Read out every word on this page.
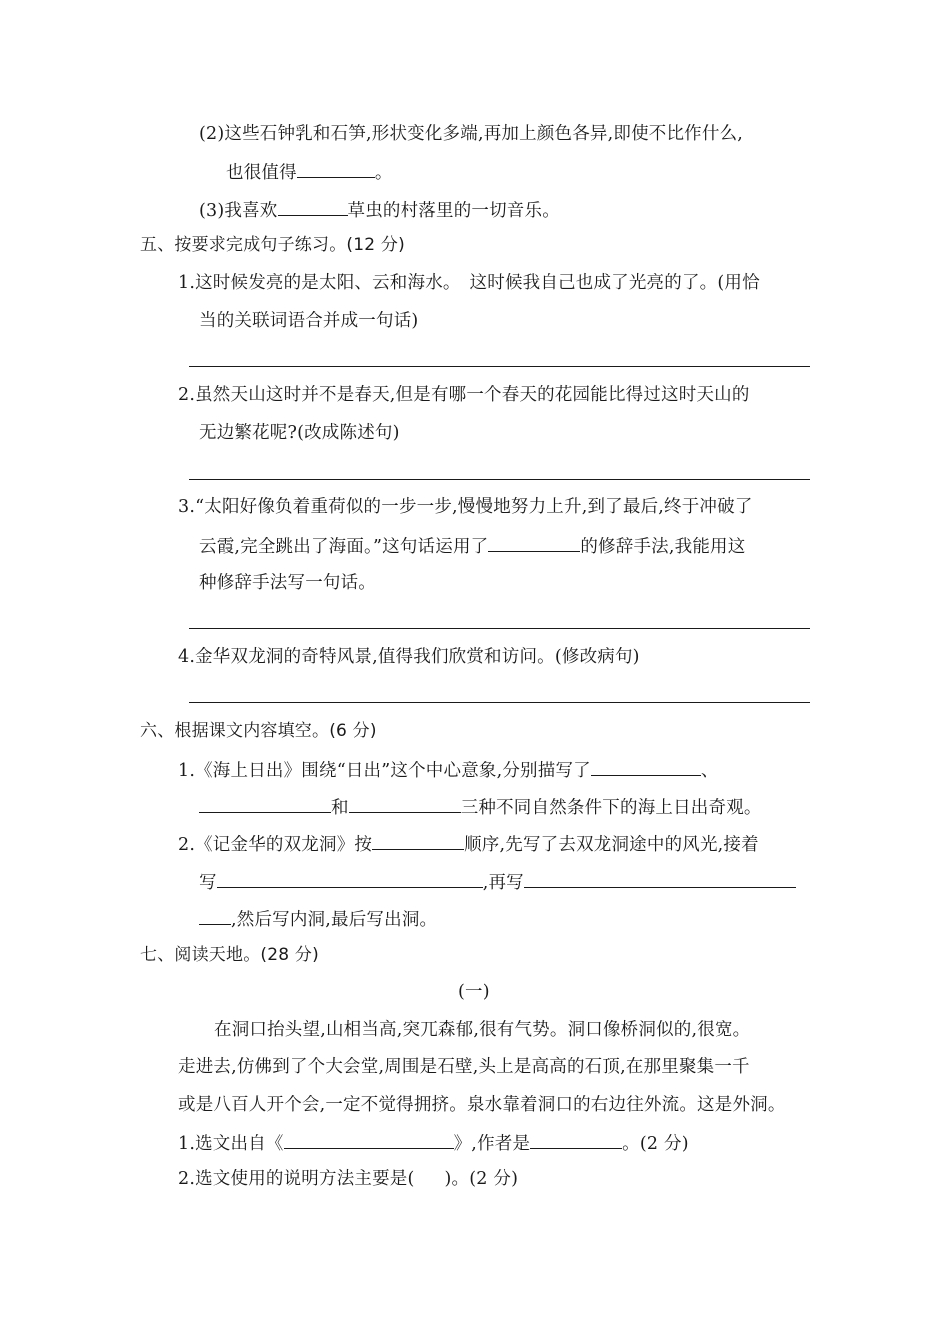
(2)这些石钟乳和石笋,形状变化多端,再加上颜色各异,即使不比作什么,
也很值得	。
(3)我喜欢	草虫的村落里的一切音乐。
五、按要求完成句子练习。(12 分)
1.这时候发亮的是太阳、云和海水。　这时候我自己也成了光亮的了。(用恰
当的关联词语合并成一句话)
2.虽然天山这时并不是春天,但是有哪一个春天的花园能比得过这时天山的
无边繁花呢?(改成陈述句)
3.“太阳好像负着重荷似的一步一步,慢慢地努力上升,到了最后,终于冲破了
云霞,完全跳出了海面。”这句话运用了	的修辞手法,我能用这
种修辞手法写一句话。
4.金华双龙洞的奇特风景,值得我们欣赏和访问。(修改病句)
六、根据课文内容填空。(6 分)
1.《海上日出》围绕“日出”这个中心意象,分别描写了	、
和	三种不同自然条件下的海上日出奇观。
2.《记金华的双龙洞》按	顺序,先写了去双龙洞途中的风光,接着
写	,再写
,然后写内洞,最后写出洞。
七、阅读天地。(28 分)
(一)
在洞口抬头望,山相当高,突兀森郁,很有气势。洞口像桥洞似的,很宽。
走进去,仿佛到了个大会堂,周围是石壁,头上是高高的石顶,在那里聚集一千
或是八百人开个会,一定不觉得拥挤。泉水靠着洞口的右边往外流。这是外洞。
1.选文出自《	》,作者是	。(2 分)
2.选文使用的说明方法主要是( )。(2 分)
